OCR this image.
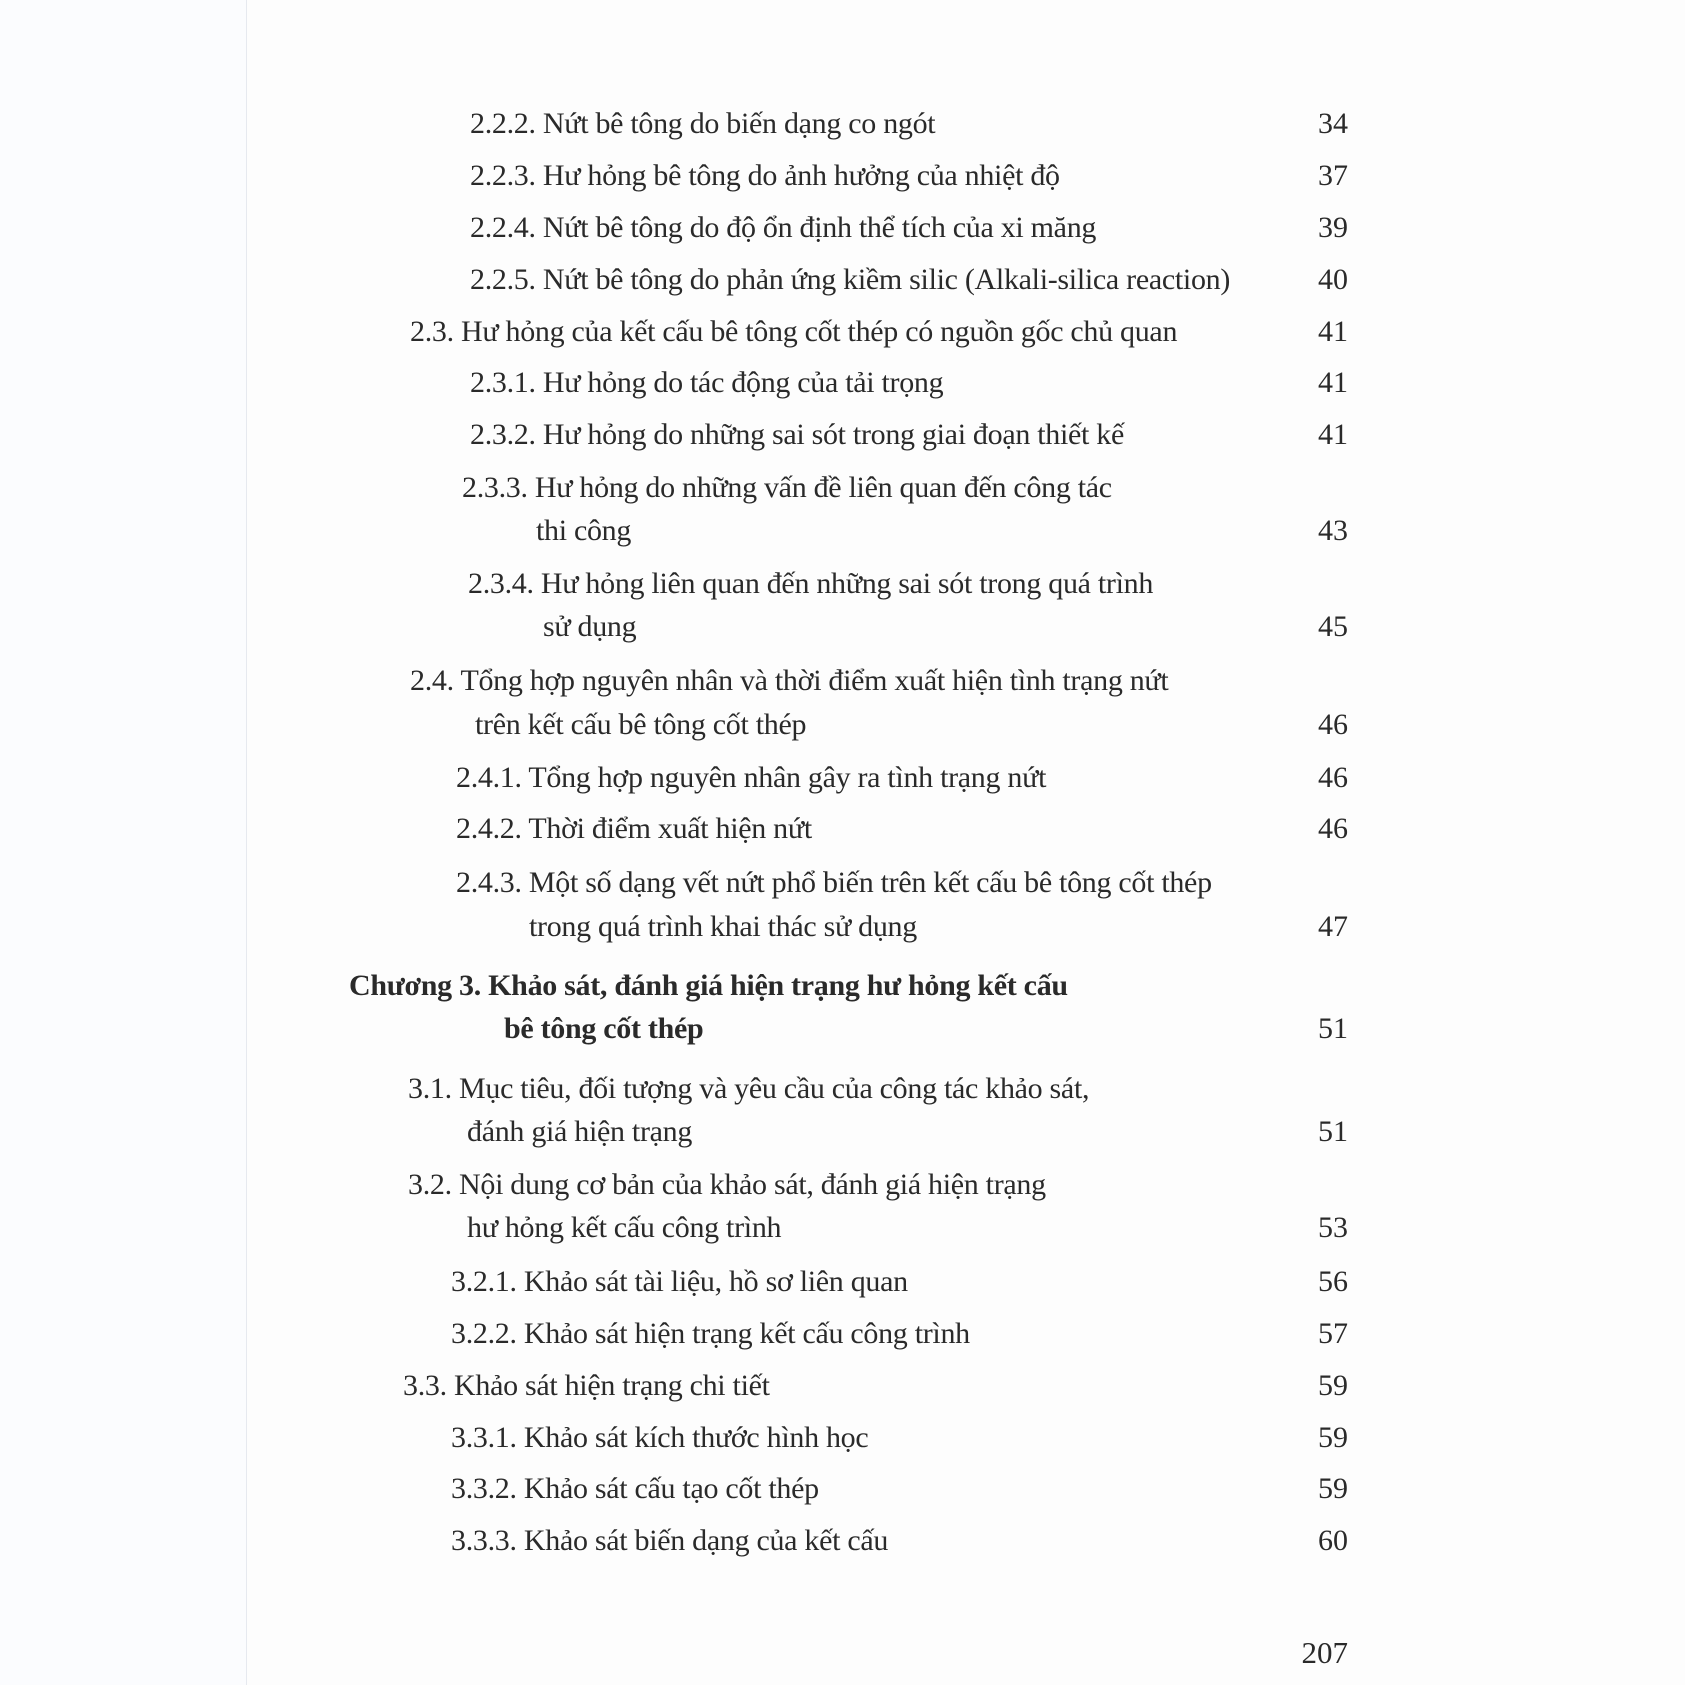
2.2.2. Nứt bê tông do biến dạng co ngót	34
2.2.3. Hư hỏng bê tông do ảnh hưởng của nhiệt độ	37
2.2.4. Nứt bê tông do độ ổn định thể tích của xi măng	39
2.2.5. Nứt bê tông do phản ứng kiềm silic (Alkali-silica reaction)	40
2.3. Hư hỏng của kết cấu bê tông cốt thép có nguồn gốc chủ quan	41
2.3.1. Hư hỏng do tác động của tải trọng	41
2.3.2. Hư hỏng do những sai sót trong giai đoạn thiết kế	41
2.3.3. Hư hỏng do những vấn đề liên quan đến công tác
thi công	43
2.3.4. Hư hỏng liên quan đến những sai sót trong quá trình
sử dụng	45
2.4. Tổng hợp nguyên nhân và thời điểm xuất hiện tình trạng nứt
trên kết cấu bê tông cốt thép	46
2.4.1. Tổng hợp nguyên nhân gây ra tình trạng nứt	46
2.4.2. Thời điểm xuất hiện nứt	46
2.4.3. Một số dạng vết nứt phổ biến trên kết cấu bê tông cốt thép
trong quá trình khai thác sử dụng	47
Chương 3. Khảo sát, đánh giá hiện trạng hư hỏng kết cấu
bê tông cốt thép	51
3.1. Mục tiêu, đối tượng và yêu cầu của công tác khảo sát,
đánh giá hiện trạng	51
3.2. Nội dung cơ bản của khảo sát, đánh giá hiện trạng
hư hỏng kết cấu công trình	53
3.2.1. Khảo sát tài liệu, hồ sơ liên quan	56
3.2.2. Khảo sát hiện trạng kết cấu công trình	57
3.3. Khảo sát hiện trạng chi tiết	59
3.3.1. Khảo sát kích thước hình học	59
3.3.2. Khảo sát cấu tạo cốt thép	59
3.3.3. Khảo sát biến dạng của kết cấu	60
207
